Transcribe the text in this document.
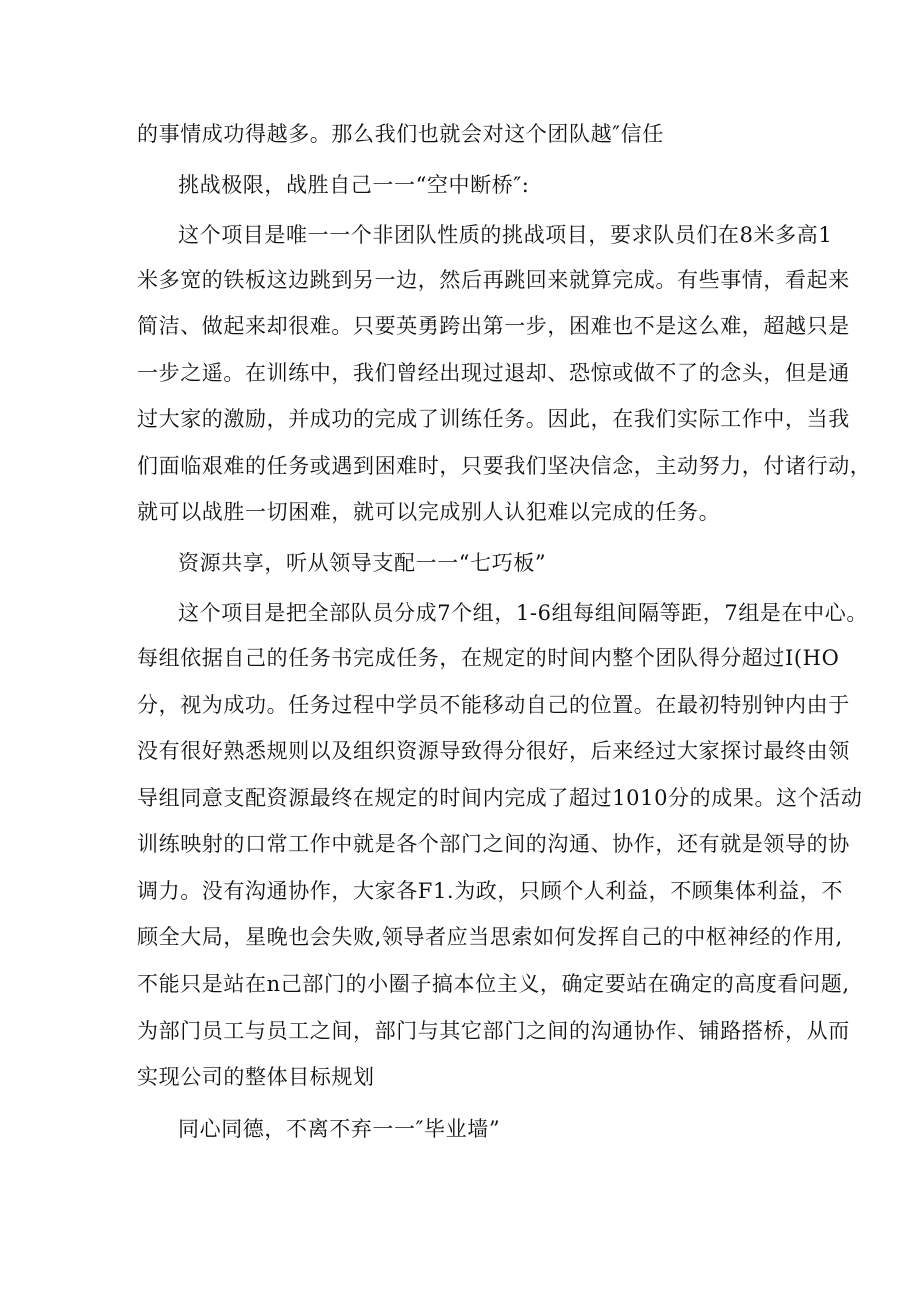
的事情成功得越多。那么我们也就会对这个团队越″信任
挑战极限，战胜自己一一“空中断桥″:
这个项目是唯一一个非团队性质的挑战项目，要求队员们在8米多高1
米多宽的铁板这边跳到另一边，然后再跳回来就算完成。有些事情，看起来
简洁、做起来却很难。只要英勇跨出第一步，困难也不是这么难，超越只是
一步之遥。在训练中，我们曾经出现过退却、恐惊或做不了的念头，但是通
过大家的激励，并成功的完成了训练任务。因此，在我们实际工作中，当我
们面临艰难的任务或遇到困难时，只要我们坚决信念，主动努力，付诸行动，
就可以战胜一切困难，就可以完成别人认犯难以完成的任务。
资源共享，听从领导支配一一“七巧板”
这个项目是把全部队员分成7个组，1-6组每组间隔等距，7组是在中心。
每组依据自己的任务书完成任务，在规定的时间内整个团队得分超过I(HO
分，视为成功。任务过程中学员不能移动自己的位置。在最初特别钟内由于
没有很好熟悉规则以及组织资源导致得分很好，后来经过大家探讨最终由领
导组同意支配资源最终在规定的时间内完成了超过1010分的成果。这个活动
训练映射的口常工作中就是各个部门之间的沟通、协作，还有就是领导的协
调力。没有沟通协作，大家各F1.为政，只顾个人利益，不顾集体利益，不
顾全大局，星晚也会失败,领导者应当思索如何发挥自己的中枢神经的作用,
不能只是站在n己部门的小圈子搞本位主义，确定要站在确定的高度看问题,
为部门员工与员工之间，部门与其它部门之间的沟通协作、铺路搭桥，从而
实现公司的整体目标规划
同心同德，不离不弃一一″毕业墙”
